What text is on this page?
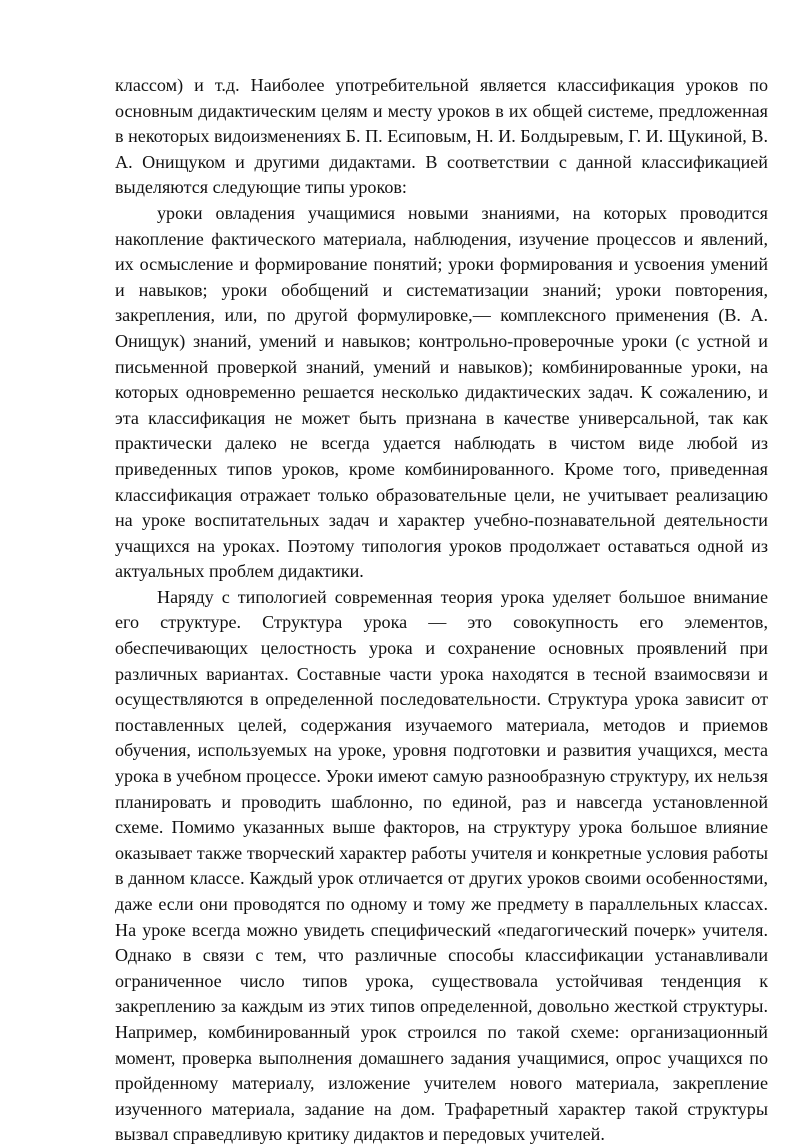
классом) и т.д. Наиболее употребительной является классификация уроков по основным дидактическим целям и месту уроков в их общей системе, предложенная в некоторых видоизменениях Б. П. Есиповым, Н. И. Болдыревым, Г. И. Щукиной, В. А. Онищуком и другими дидактами. В соответствии с данной классификацией выделяются следующие типы уроков:

уроки овладения учащимися новыми знаниями, на которых проводится накопление фактического материала, наблюдения, изучение процессов и явлений, их осмысление и формирование понятий; уроки формирования и усвоения умений и навыков; уроки обобщений и систематизации знаний; уроки повторения, закрепления, или, по другой формулировке,— комплексного применения (В. А. Онищук) знаний, умений и навыков; контрольно-проверочные уроки (с устной и письменной проверкой знаний, умений и навыков); комбинированные уроки, на которых одновременно решается несколько дидактических задач. К сожалению, и эта классификация не может быть признана в качестве универсальной, так как практически далеко не всегда удается наблюдать в чистом виде любой из приведенных типов уроков, кроме комбинированного. Кроме того, приведенная классификация отражает только образовательные цели, не учитывает реализацию на уроке воспитательных задач и характер учебно-познавательной деятельности учащихся на уроках. Поэтому типология уроков продолжает оставаться одной из актуальных проблем дидактики.

Наряду с типологией современная теория урока уделяет большое внимание его структуре. Структура урока — это совокупность его элементов, обеспечивающих целостность урока и сохранение основных проявлений при различных вариантах. Составные части урока находятся в тесной взаимосвязи и осуществляются в определенной последовательности. Структура урока зависит от поставленных целей, содержания изучаемого материала, методов и приемов обучения, используемых на уроке, уровня подготовки и развития учащихся, места урока в учебном процессе. Уроки имеют самую разнообразную структуру, их нельзя планировать и проводить шаблонно, по единой, раз и навсегда установленной схеме. Помимо указанных выше факторов, на структуру урока большое влияние оказывает также творческий характер работы учителя и конкретные условия работы в данном классе. Каждый урок отличается от других уроков своими особенностями, даже если они проводятся по одному и тому же предмету в параллельных классах. На уроке всегда можно увидеть специфический «педагогический почерк» учителя. Однако в связи с тем, что различные способы классификации устанавливали ограниченное число типов урока, существовала устойчивая тенденция к закреплению за каждым из этих типов определенной, довольно жесткой структуры. Например, комбинированный урок строился по такой схеме: организационный момент, проверка выполнения домашнего задания учащимися, опрос учащихся по пройденному материалу, изложение учителем нового материала, закрепление изученного материала, задание на дом. Трафаретный характер такой структуры вызвал справедливую критику дидактов и передовых учителей.
